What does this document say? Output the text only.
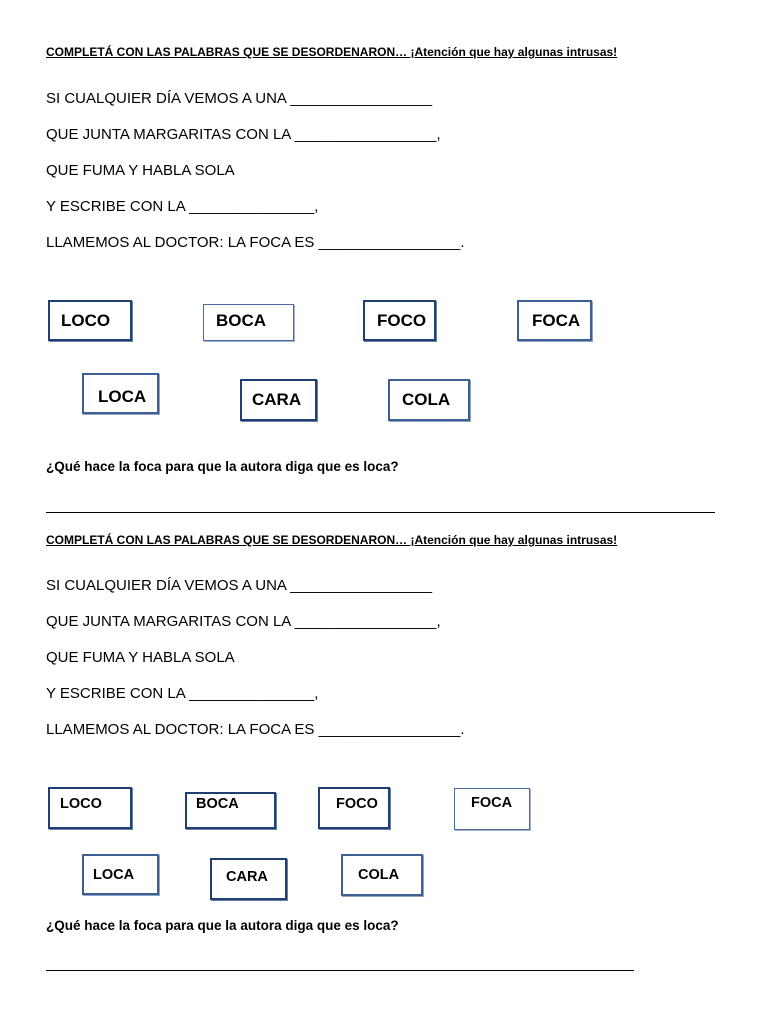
COMPLETÁ CON LAS PALABRAS QUE SE DESORDENARON… ¡Atención que hay algunas intrusas!
SI CUALQUIER DÍA VEMOS A UNA _________________
QUE JUNTA MARGARITAS CON LA _________________,
QUE FUMA Y HABLA SOLA
Y ESCRIBE CON LA _______________,
LLAMEMOS AL DOCTOR: LA FOCA ES _________________.
LOCO	BOCA	FOCO	FOCA
LOCA	CARA	COLA
¿Qué hace la foca para que la autora diga que es loca?
COMPLETÁ CON LAS PALABRAS QUE SE DESORDENARON… ¡Atención que hay algunas intrusas!
SI CUALQUIER DÍA VEMOS A UNA _________________
QUE JUNTA MARGARITAS CON LA _________________,
QUE FUMA Y HABLA SOLA
Y ESCRIBE CON LA _______________,
LLAMEMOS AL DOCTOR: LA FOCA ES _________________.
LOCO	BOCA	FOCO	FOCA
LOCA	CARA	COLA
¿Qué hace la foca para que la autora diga que es loca?
